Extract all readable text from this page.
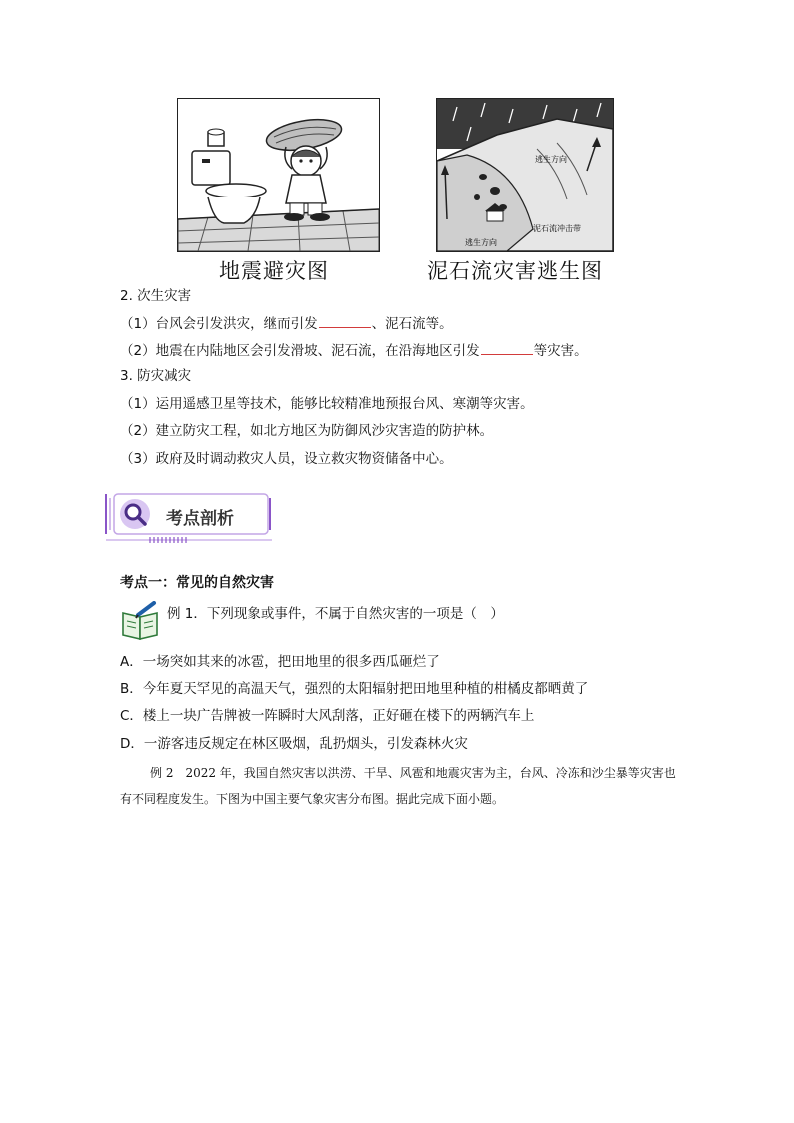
地震避灾图
逃生方向
泥石流冲击带
逃生方向
泥石流灾害逃生图
2. 次生灾害
（1）台风会引发洪灾，继而引发	、泥石流等。
（2）地震在内陆地区会引发滑坡、泥石流，在沿海地区引发	等灾害。
3. 防灾减灾
（1）运用遥感卫星等技术，能够比较精准地预报台风、寒潮等灾害。
（2）建立防灾工程，如北方地区为防御风沙灾害造的防护林。
（3）政府及时调动救灾人员，设立救灾物资储备中心。
考点剖析
考点一：常见的自然灾害
例 1．下列现象或事件，不属于自然灾害的一项是（　）
A．一场突如其来的冰雹，把田地里的很多西瓜砸烂了
B．今年夏天罕见的高温天气，强烈的太阳辐射把田地里种植的柑橘皮都晒黄了
C．楼上一块广告牌被一阵瞬时大风刮落，正好砸在楼下的两辆汽车上
D．一游客违反规定在林区吸烟，乱扔烟头，引发森林火灾
例 2　2022 年，我国自然灾害以洪涝、干旱、风雹和地震灾害为主，台风、冷冻和沙尘暴等灾害也有不同程度发生。下图为中国主要气象灾害分布图。据此完成下面小题。
